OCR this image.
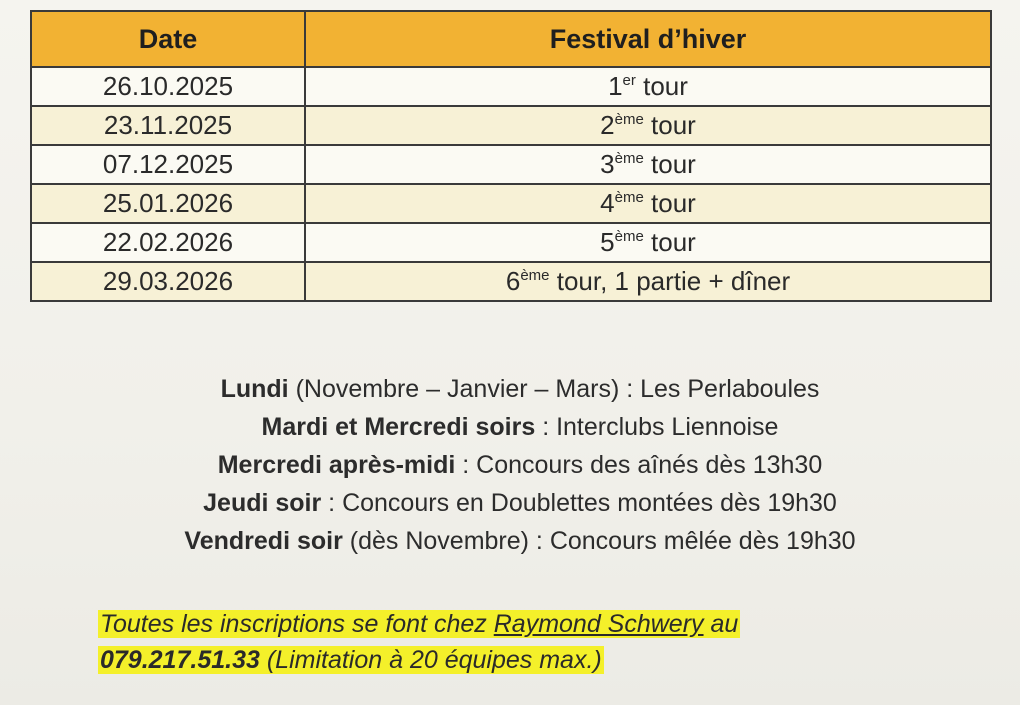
Date	Festival d’hiver
26.10.2025	1er tour
23.11.2025	2ème tour
07.12.2025	3ème tour
25.01.2026	4ème tour
22.02.2026	5ème tour
29.03.2026	6ème tour, 1 partie + dîner
Lundi (Novembre – Janvier – Mars) : Les Perlaboules
Mardi et Mercredi soirs : Interclubs Liennoise
Mercredi après-midi : Concours des aînés dès 13h30
Jeudi soir : Concours en Doublettes montées dès 19h30
Vendredi soir (dès Novembre) : Concours mêlée dès 19h30
Toutes les inscriptions se font chez Raymond Schwery au
079.217.51.33 (Limitation à 20 équipes max.)
